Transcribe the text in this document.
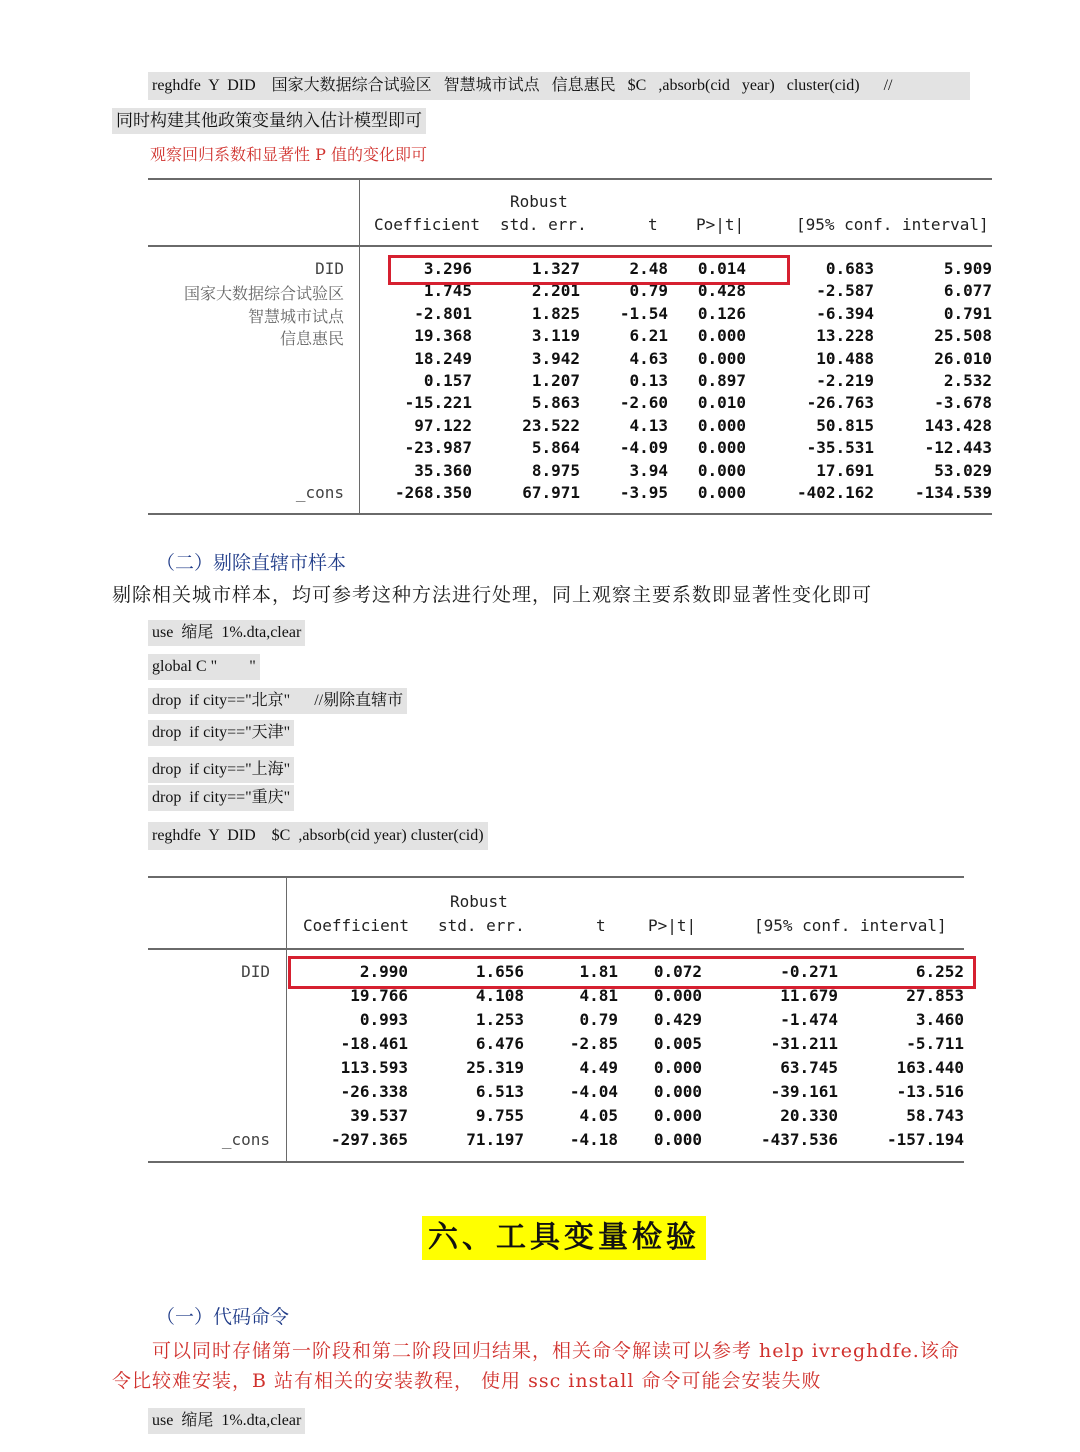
reghdfe  Y  DID    国家大数据综合试验区   智慧城市试点   信息惠民   $C   ,absorb(cid   year)   cluster(cid)      //
同时构建其他政策变量纳入估计模型即可
观察回归系数和显著性 P 值的变化即可
Robust
Coefficient std. err.	t P>|t|	[95% conf. interval]
DID	3.296	1.327	2.48 0.014	0.683	5.909
国家大数据综合试验区	1.745	2.201	0.79 0.428	-2.587	6.077
智慧城市试点	-2.801	1.825 -1.54 0.126	-6.394	0.791
信息惠民	19.368	3.119	6.21 0.000	13.228	25.508
18.249	3.942	4.63 0.000	10.488	26.010
0.157	1.207	0.13 0.897	-2.219	2.532
-15.221	5.863 -2.60 0.010	-26.763	-3.678
97.122	23.522	4.13 0.000	50.815	143.428
-23.987	5.864 -4.09 0.000	-35.531	-12.443
35.360	8.975	3.94 0.000	17.691	53.029
_cons	-268.350	67.971 -3.95 0.000	-402.162	-134.539
（二）剔除直辖市样本
剔除相关城市样本，均可参考这种方法进行处理，同上观察主要系数即显著性变化即可
use  缩尾  1%.dta,clear
global C "        "
drop  if city=="北京"      //剔除直辖市
drop  if city=="天津"
drop  if city=="上海"
drop  if city=="重庆"
reghdfe  Y  DID    $C  ,absorb(cid year) cluster(cid)
Robust
Coefficient std. err.	t	P>|t|	[95% conf. interval]
DID	2.990	1.656	1.81 0.072	-0.271	6.252
19.766	4.108	4.81 0.000	11.679	27.853
0.993	1.253	0.79 0.429	-1.474	3.460
-18.461	6.476	-2.85 0.005	-31.211	-5.711
113.593	25.319	4.49 0.000	63.745	163.440
-26.338	6.513	-4.04 0.000	-39.161	-13.516
39.537	9.755	4.05 0.000	20.330	58.743
_cons	-297.365	71.197	-4.18 0.000	-437.536	-157.194
六、工具变量检验
（一）代码命令
可以同时存储第一阶段和第二阶段回归结果，相关命令解读可以参考 help ivreghdfe.该命
令比较难安装，B 站有相关的安装教程， 使用 ssc install 命令可能会安装失败
use  缩尾  1%.dta,clear
